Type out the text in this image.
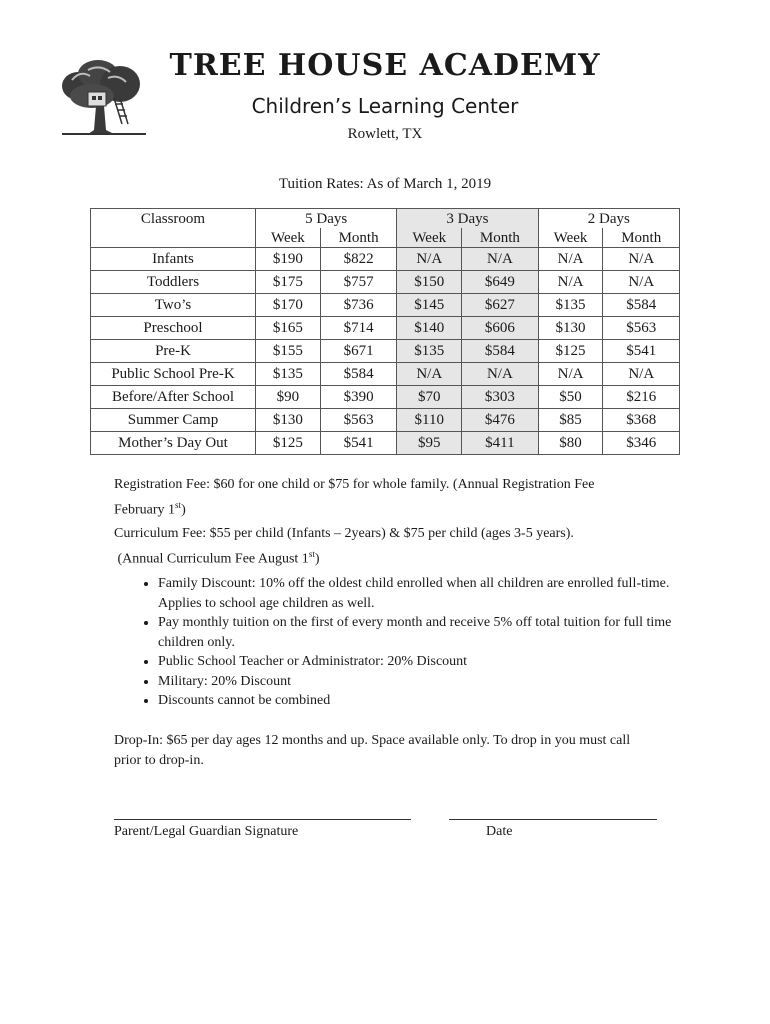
TREE HOUSE ACADEMY
Children’s Learning Center
Rowlett, TX
Tuition Rates: As of March 1, 2019
Classroom	5 Days		3 Days		2 Days	
	Week	Month	Week	Month	Week	Month
Infants	$190	$822	N/A	N/A	N/A	N/A
Toddlers	$175	$757	$150	$649	N/A	N/A
Two’s	$170	$736	$145	$627	$135	$584
Preschool	$165	$714	$140	$606	$130	$563
Pre-K	$155	$671	$135	$584	$125	$541
Public School Pre-K	$135	$584	N/A	N/A	N/A	N/A
Before/After School	$90	$390	$70	$303	$50	$216
Summer Camp	$130	$563	$110	$476	$85	$368
Mother’s Day Out	$125	$541	$95	$411	$80	$346
Registration Fee: $60 for one child or $75 for whole family. (Annual Registration Fee
February 1st)
Curriculum Fee: $55 per child (Infants – 2years) & $75 per child (ages 3-5 years).
(Annual Curriculum Fee August 1st)
• Family Discount: 10% off the oldest child enrolled when all children are enrolled full-time. Applies to school age children as well.
• Pay monthly tuition on the first of every month and receive 5% off total tuition for full time children only.
• Public School Teacher or Administrator: 20% Discount
• Military: 20% Discount
• Discounts cannot be combined
Drop-In: $65 per day ages 12 months and up. Space available only. To drop in you must call prior to drop-in.
Parent/Legal Guardian Signature	Date
